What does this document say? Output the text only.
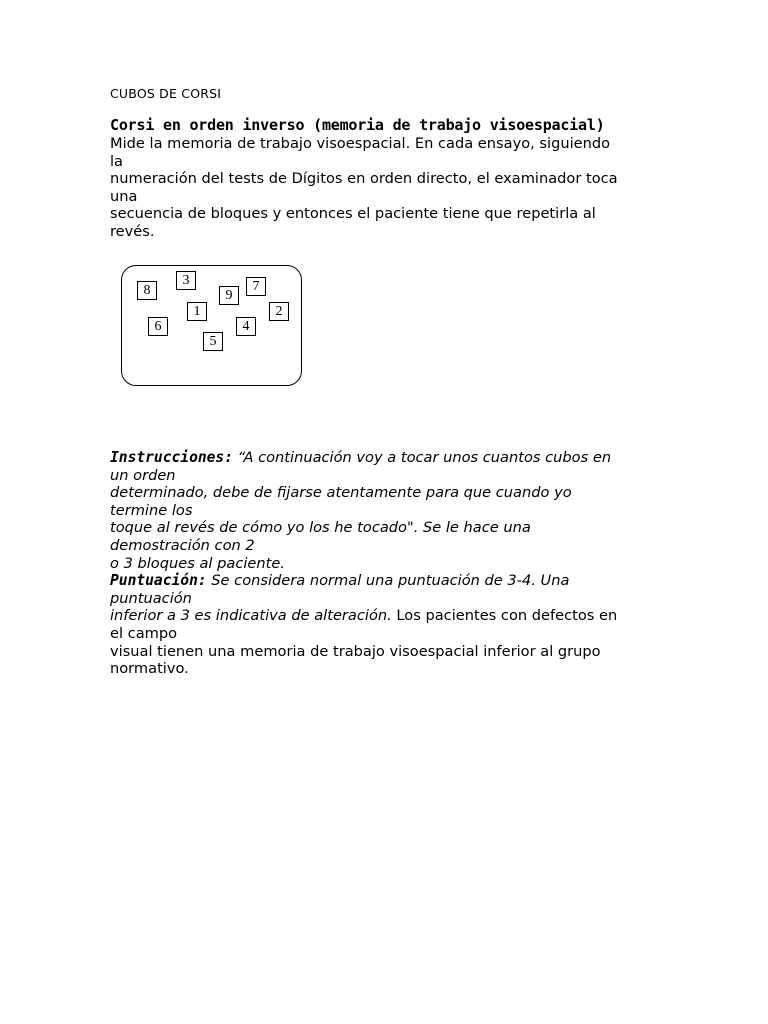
CUBOS DE CORSI
Corsi en orden inverso (memoria de trabajo visoespacial)
Mide la memoria de trabajo visoespacial. En cada ensayo, siguiendo
la
numeración del tests de Dígitos en orden directo, el examinador toca
una
secuencia de bloques y entonces el paciente tiene que repetirla al
revés.
8
3
9
7
2
1
6	4
5
Instrucciones: “A continuación voy a tocar unos cuantos cubos en
un orden
determinado, debe de fijarse atentamente para que cuando yo
termine los
toque al revés de cómo yo los he tocado". Se le hace una
demostración con 2
o 3 bloques al paciente.
Puntuación: Se considera normal una puntuación de 3-4. Una
puntuación
inferior a 3 es indicativa de alteración. Los pacientes con defectos en
el campo
visual tienen una memoria de trabajo visoespacial inferior al grupo
normativo.
